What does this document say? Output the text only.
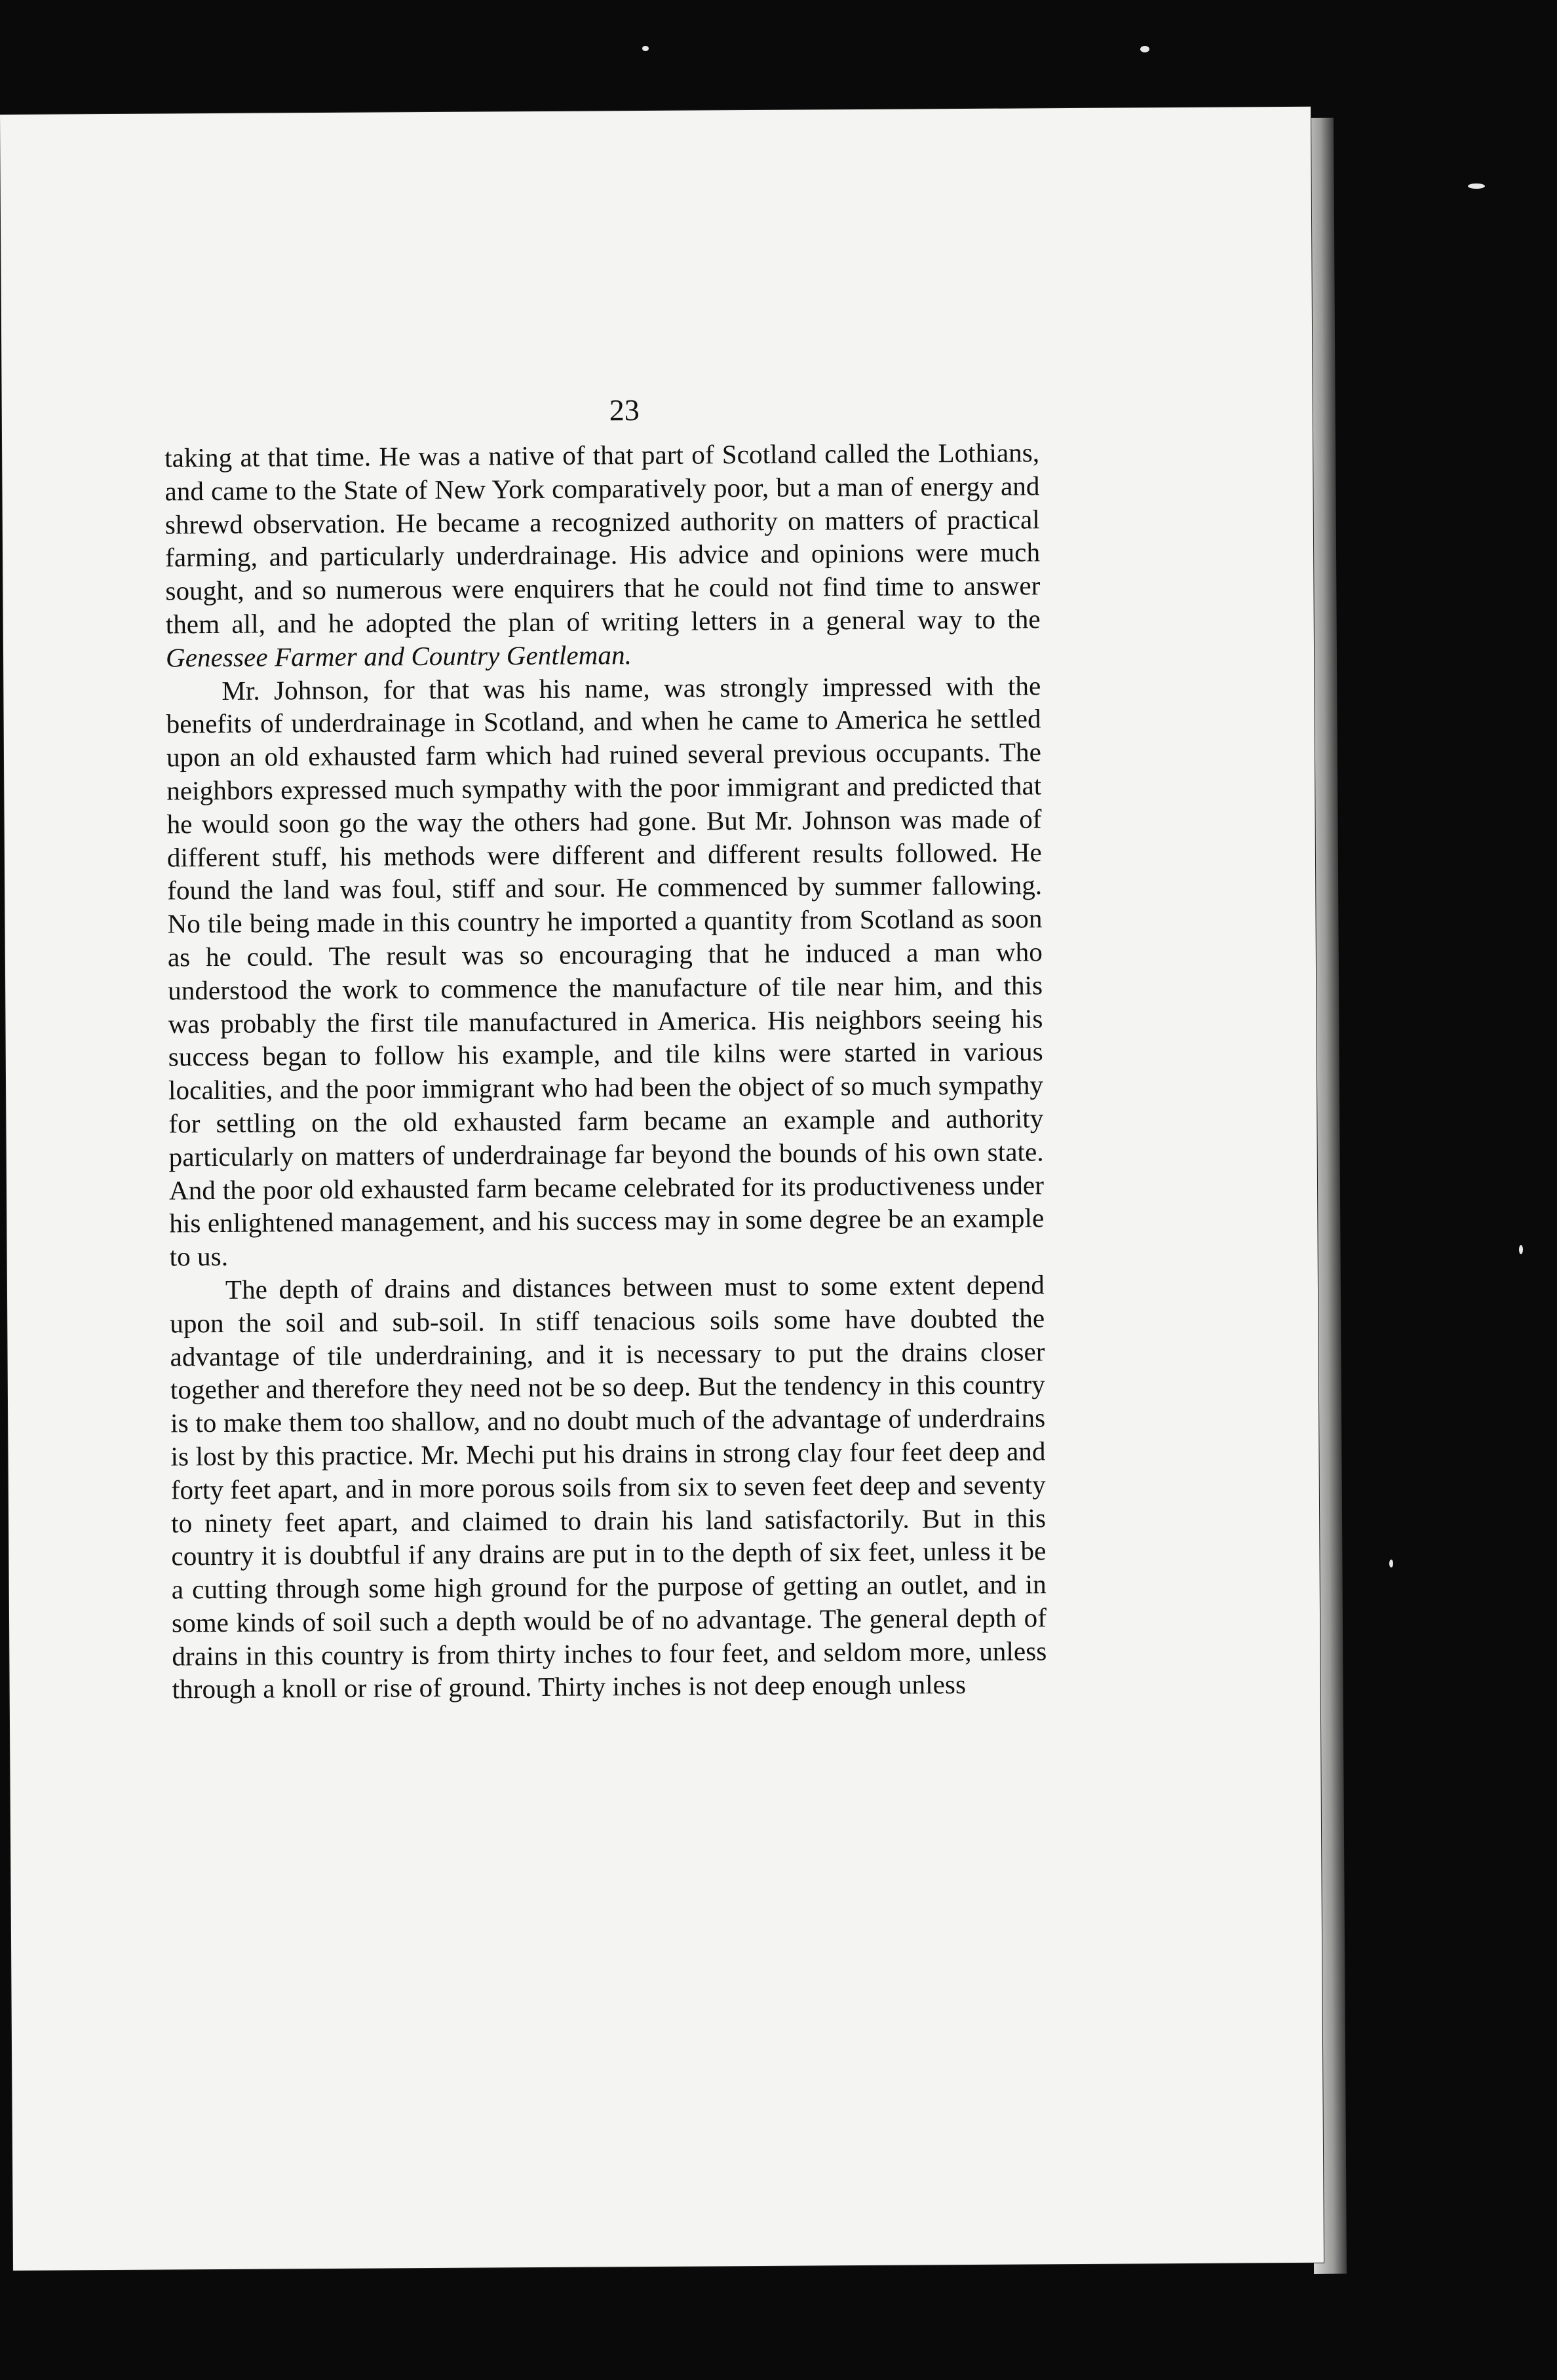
23

taking at that time. He was a native of that part of Scotland called the Lothians, and came to the State of New York comparatively poor, but a man of energy and shrewd observation. He became a recognized authority on matters of practical farming, and particularly underdrainage. His advice and opinions were much sought, and so numerous were enquirers that he could not find time to answer them all, and he adopted the plan of writing letters in a general way to the Genessee Farmer and Country Gentleman.

Mr. Johnson, for that was his name, was strongly impressed with the benefits of underdrainage in Scotland, and when he came to America he settled upon an old exhausted farm which had ruined several previous occupants. The neighbors expressed much sympathy with the poor immigrant and predicted that he would soon go the way the others had gone. But Mr. Johnson was made of different stuff, his methods were different and different results followed. He found the land was foul, stiff and sour. He commenced by summer fallowing. No tile being made in this country he imported a quantity from Scotland as soon as he could. The result was so encouraging that he induced a man who understood the work to commence the manufacture of tile near him, and this was probably the first tile manufactured in America. His neighbors seeing his success began to follow his example, and tile kilns were started in various localities, and the poor immigrant who had been the object of so much sympathy for settling on the old exhausted farm became an example and authority particularly on matters of underdrainage far beyond the bounds of his own state. And the poor old exhausted farm became celebrated for its productiveness under his enlightened management, and his success may in some degree be an example to us.

The depth of drains and distances between must to some extent depend upon the soil and sub-soil. In stiff tenacious soils some have doubted the advantage of tile underdraining, and it is necessary to put the drains closer together and therefore they need not be so deep. But the tendency in this country is to make them too shallow, and no doubt much of the advantage of underdrains is lost by this practice. Mr. Mechi put his drains in strong clay four feet deep and forty feet apart, and in more porous soils from six to seven feet deep and seventy to ninety feet apart, and claimed to drain his land satisfactorily. But in this country it is doubtful if any drains are put in to the depth of six feet, unless it be a cutting through some high ground for the purpose of getting an outlet, and in some kinds of soil such a depth would be of no advantage. The general depth of drains in this country is from thirty inches to four feet, and seldom more, unless through a knoll or rise of ground. Thirty inches is not deep enough unless
